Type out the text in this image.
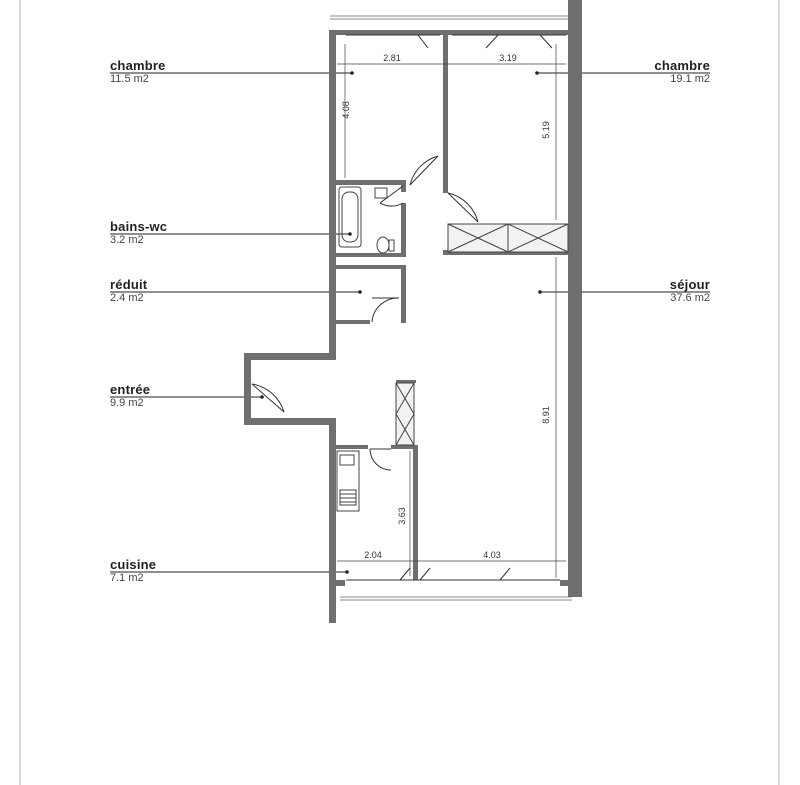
2.81	3.19
4.08
5.19
8.91
3.63
2.04	4.03
chambre
11.5 m2
chambre
19.1 m2
bains-wc
3.2 m2
réduit
2.4 m2
séjour
37.6 m2
entrée
9.9 m2
cuisine
7.1 m2
